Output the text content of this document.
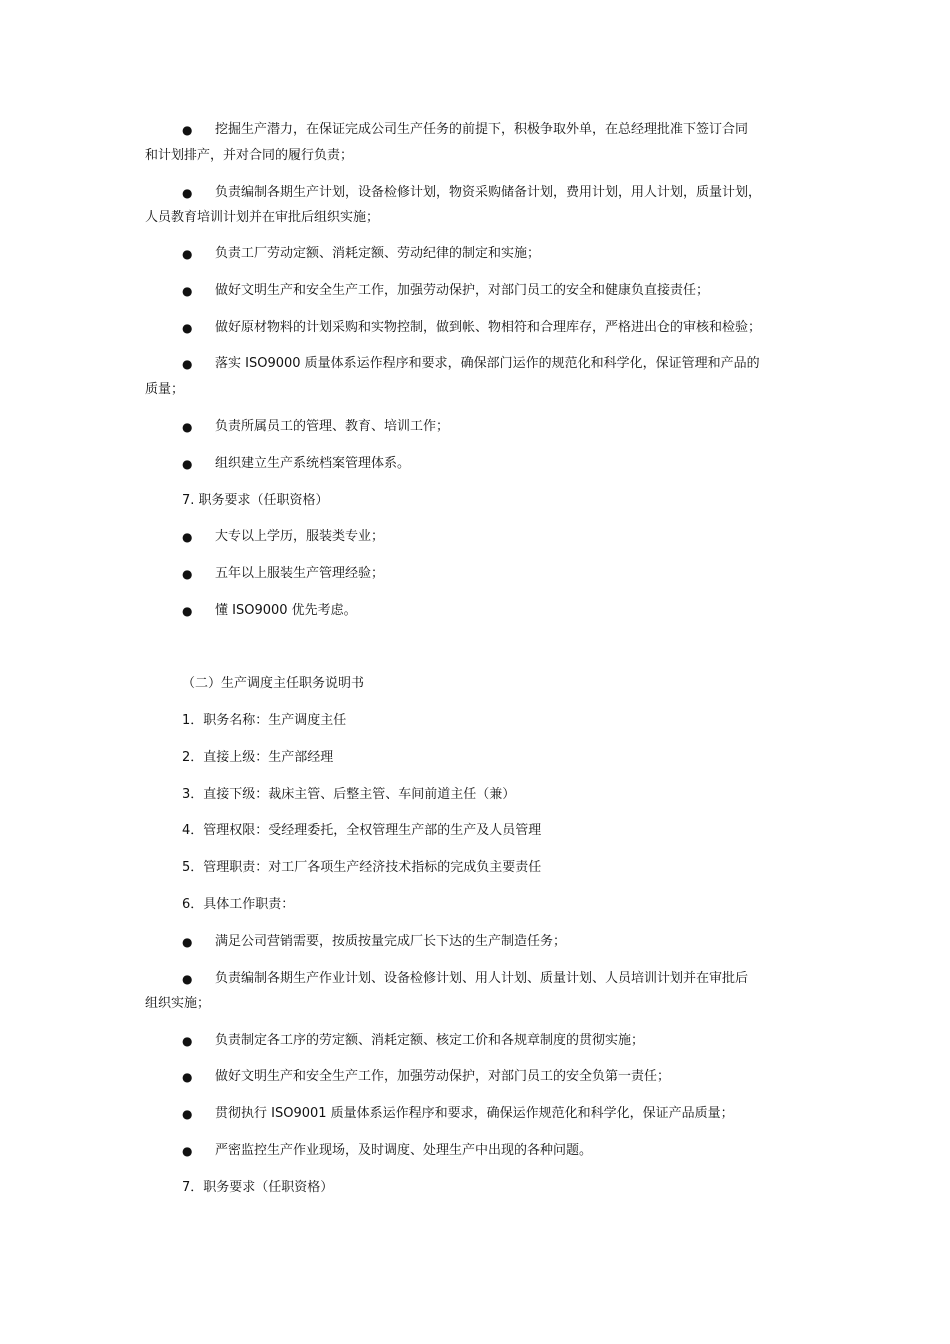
● 挖掘生产潜力，在保证完成公司生产任务的前提下，积极争取外单，在总经理批准下签订合同
和计划排产，并对合同的履行负责；
● 负责编制各期生产计划，设备检修计划，物资采购储备计划，费用计划，用人计划，质量计划，
人员教育培训计划并在审批后组织实施；
● 负责工厂劳动定额、消耗定额、劳动纪律的制定和实施；
● 做好文明生产和安全生产工作，加强劳动保护，对部门员工的安全和健康负直接责任；
● 做好原材物料的计划采购和实物控制，做到帐、物相符和合理库存，严格进出仓的审核和检验；
● 落实 ISO9000 质量体系运作程序和要求，确保部门运作的规范化和科学化，保证管理和产品的
质量；
● 负责所属员工的管理、教育、培训工作；
● 组织建立生产系统档案管理体系。
7. 职务要求（任职资格）
● 大专以上学历，服装类专业；
● 五年以上服装生产管理经验；
● 懂 ISO9000 优先考虑。
（二）生产调度主任职务说明书
1．职务名称：生产调度主任
2．直接上级：生产部经理
3．直接下级：裁床主管、后整主管、车间前道主任（兼）
4．管理权限：受经理委托，全权管理生产部的生产及人员管理
5．管理职责：对工厂各项生产经济技术指标的完成负主要责任
6．具体工作职责：
● 满足公司营销需要，按质按量完成厂长下达的生产制造任务；
● 负责编制各期生产作业计划、设备检修计划、用人计划、质量计划、人员培训计划并在审批后
组织实施；
● 负责制定各工序的劳定额、消耗定额、核定工价和各规章制度的贯彻实施；
● 做好文明生产和安全生产工作，加强劳动保护，对部门员工的安全负第一责任；
● 贯彻执行 ISO9001 质量体系运作程序和要求，确保运作规范化和科学化，保证产品质量；
● 严密监控生产作业现场，及时调度、处理生产中出现的各种问题。
7．职务要求（任职资格）
